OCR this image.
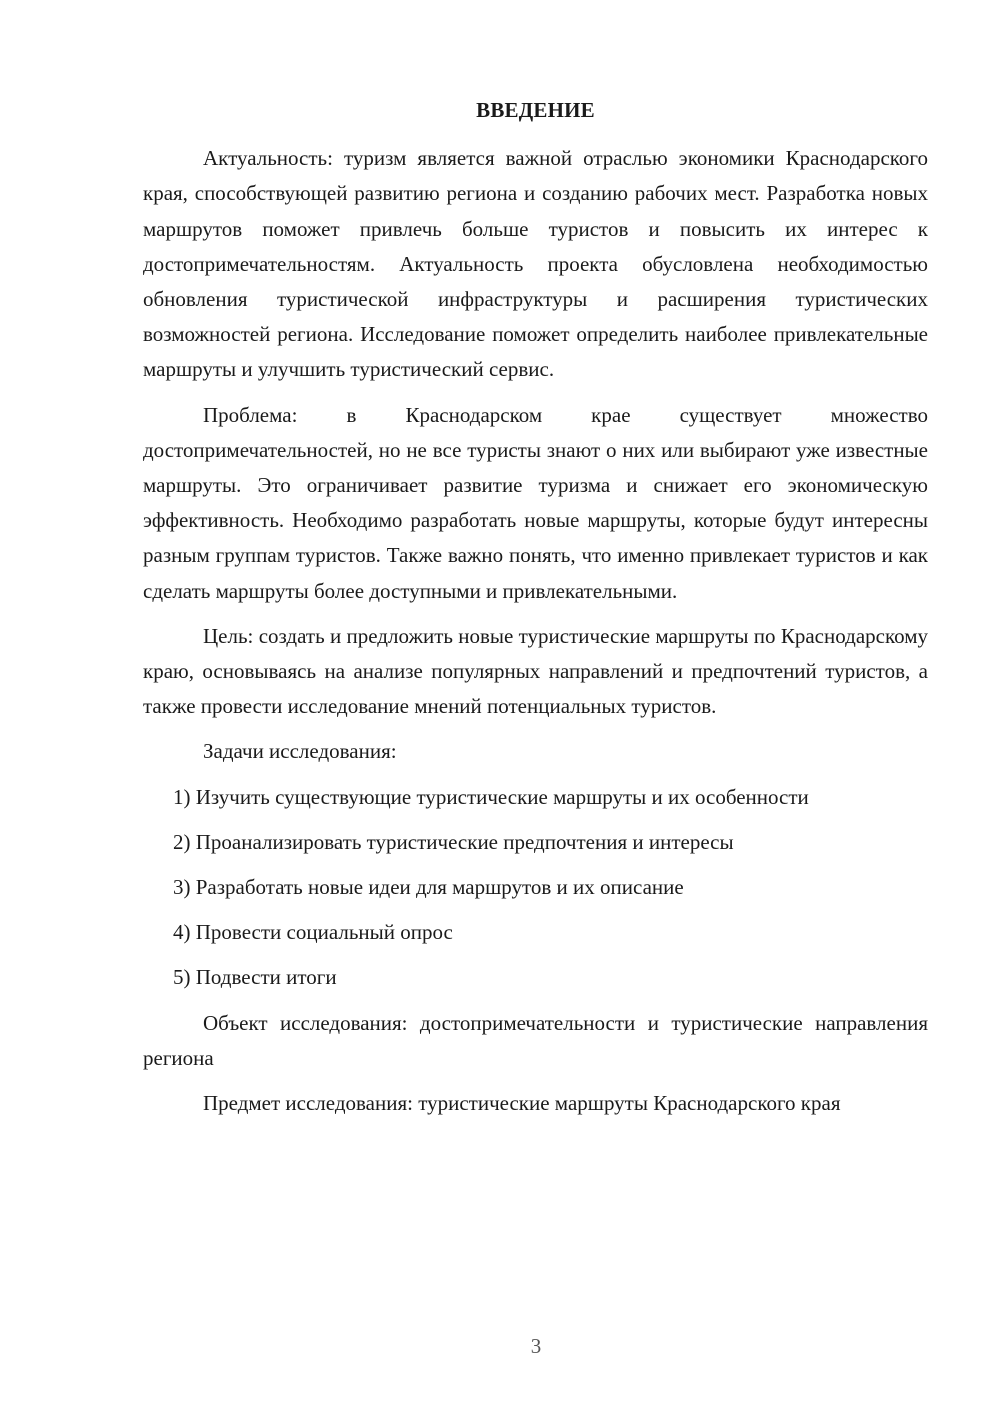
ВВЕДЕНИЕ

Актуальность: туризм является важной отраслью экономики Краснодарского края, способствующей развитию региона и созданию рабочих мест. Разработка новых маршрутов поможет привлечь больше туристов и повысить их интерес к достопримечательностям. Актуальность проекта обусловлена необходимостью обновления туристической инфраструктуры и расширения туристических возможностей региона. Исследование поможет определить наиболее привлекательные маршруты и улучшить туристический сервис.

Проблема: в Краснодарском крае существует множество достопримечательностей, но не все туристы знают о них или выбирают уже известные маршруты. Это ограничивает развитие туризма и снижает его экономическую эффективность. Необходимо разработать новые маршруты, которые будут интересны разным группам туристов. Также важно понять, что именно привлекает туристов и как сделать маршруты более доступными и привлекательными.

Цель: создать и предложить новые туристические маршруты по Краснодарскому краю, основываясь на анализе популярных направлений и предпочтений туристов, а также провести исследование мнений потенциальных туристов.

Задачи исследования:

1) Изучить существующие туристические маршруты и их особенности
2) Проанализировать туристические предпочтения и интересы
3) Разработать новые идеи для маршрутов и их описание
4) Провести социальный опрос
5) Подвести итоги

Объект исследования: достопримечательности и туристические направления региона

Предмет исследования: туристические маршруты Краснодарского края

3
